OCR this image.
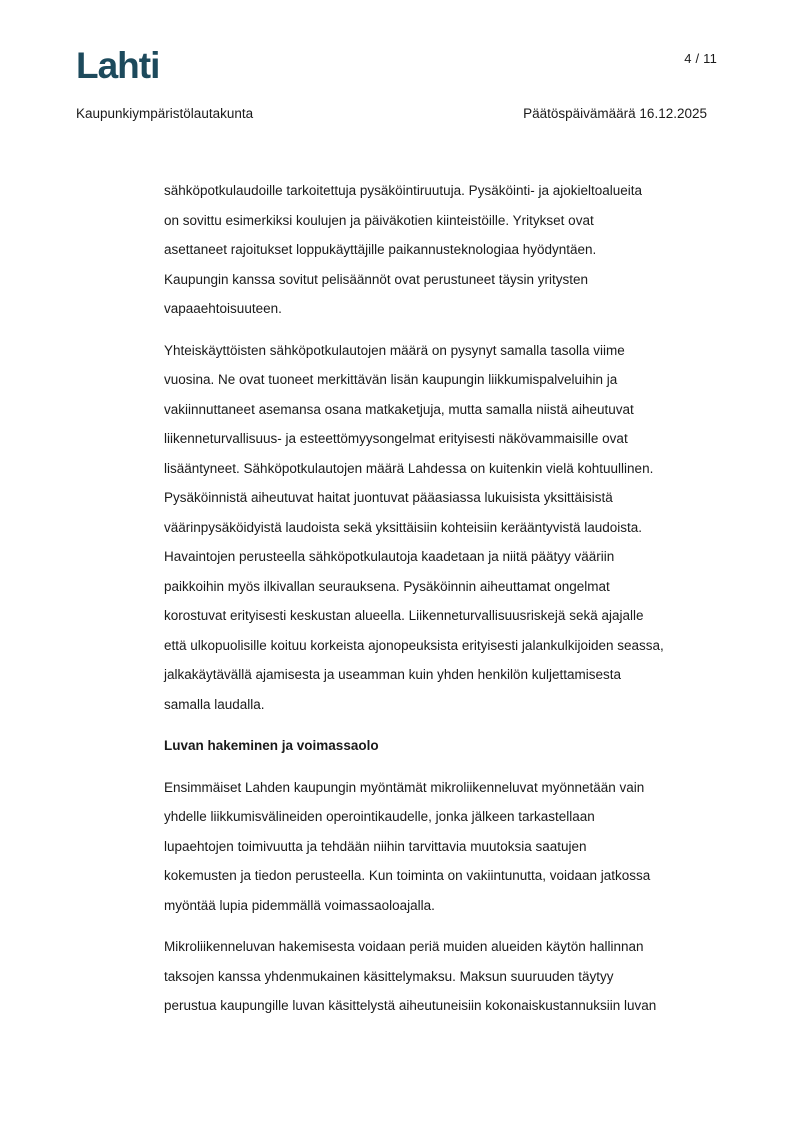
Lahti	4 / 11
Kaupunkiympäristölautakunta	Päätöspäivämäärä 16.12.2025
sähköpotkulaudoille tarkoitettuja pysäköintiruutuja. Pysäköinti- ja ajokieltoalueita
on sovittu esimerkiksi koulujen ja päiväkotien kiinteistöille. Yritykset ovat
asettaneet rajoitukset loppukäyttäjille paikannusteknologiaa hyödyntäen.
Kaupungin kanssa sovitut pelisäännöt ovat perustuneet täysin yritysten
vapaaehtoisuuteen.
Yhteiskäyttöisten sähköpotkulautojen määrä on pysynyt samalla tasolla viime
vuosina. Ne ovat tuoneet merkittävän lisän kaupungin liikkumispalveluihin ja
vakiinnuttaneet asemansa osana matkaketjuja, mutta samalla niistä aiheutuvat
liikenneturvallisuus- ja esteettömyysongelmat erityisesti näkövammaisille ovat
lisääntyneet. Sähköpotkulautojen määrä Lahdessa on kuitenkin vielä kohtuullinen.
Pysäköinnistä aiheutuvat haitat juontuvat pääasiassa lukuisista yksittäisistä
väärinpysäköidyistä laudoista sekä yksittäisiin kohteisiin kerääntyvistä laudoista.
Havaintojen perusteella sähköpotkulautoja kaadetaan ja niitä päätyy vääriin
paikkoihin myös ilkivallan seurauksena. Pysäköinnin aiheuttamat ongelmat
korostuvat erityisesti keskustan alueella. Liikenneturvallisuusriskejä sekä ajajalle
että ulkopuolisille koituu korkeista ajonopeuksista erityisesti jalankulkijoiden seassa,
jalkakäytävällä ajamisesta ja useamman kuin yhden henkilön kuljettamisesta
samalla laudalla.
Luvan hakeminen ja voimassaolo
Ensimmäiset Lahden kaupungin myöntämät mikroliikenneluvat myönnetään vain
yhdelle liikkumisvälineiden operointikaudelle, jonka jälkeen tarkastellaan
lupaehtojen toimivuutta ja tehdään niihin tarvittavia muutoksia saatujen
kokemusten ja tiedon perusteella. Kun toiminta on vakiintunutta, voidaan jatkossa
myöntää lupia pidemmällä voimassaoloajalla.
Mikroliikenneluvan hakemisesta voidaan periä muiden alueiden käytön hallinnan
taksojen kanssa yhdenmukainen käsittelymaksu. Maksun suuruuden täytyy
perustua kaupungille luvan käsittelystä aiheutuneisiin kokonaiskustannuksiin luvan
